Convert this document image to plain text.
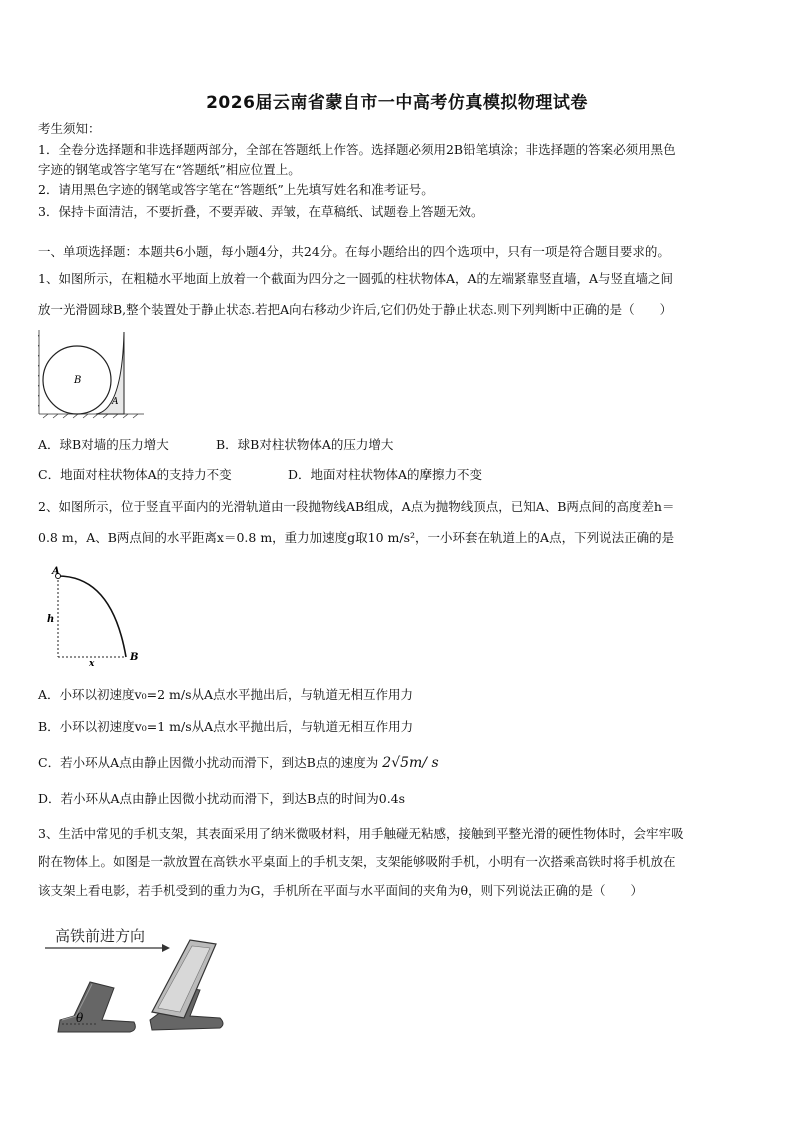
2026届云南省蒙自市一中高考仿真模拟物理试卷
考生须知：
1．全卷分选择题和非选择题两部分，全部在答题纸上作答。选择题必须用2B铅笔填涂；非选择题的答案必须用黑色
字迹的钢笔或答字笔写在“答题纸”相应位置上。
2．请用黑色字迹的钢笔或答字笔在“答题纸”上先填写姓名和准考证号。
3．保持卡面清洁，不要折叠，不要弄破、弄皱，在草稿纸、试题卷上答题无效。
一、单项选择题：本题共6小题，每小题4分，共24分。在每小题给出的四个选项中，只有一项是符合题目要求的。
1、如图所示，在粗糙水平地面上放着一个截面为四分之一圆弧的柱状物体A，A的左端紧靠竖直墙，A与竖直墙之间
放一光滑圆球B,整个装置处于静止状态.若把A向右移动少许后,它们仍处于静止状态.则下列判断中正确的是（　　）
B
A
A．球B对墙的压力增大	B．球B对柱状物体A的压力增大
C．地面对柱状物体A的支持力不变	D．地面对柱状物体A的摩擦力不变
2、如图所示，位于竖直平面内的光滑轨道由一段抛物线AB组成，A点为抛物线顶点，已知A、B两点间的高度差h＝
0.8 m，A、B两点间的水平距离x＝0.8 m，重力加速度g取10 m/s²，一小环套在轨道上的A点，下列说法正确的是
A
B
h
x
A．小环以初速度v₀=2 m/s从A点水平抛出后，与轨道无相互作用力
B．小环以初速度v₀=1 m/s从A点水平抛出后，与轨道无相互作用力
C．若小环从A点由静止因微小扰动而滑下，到达B点的速度为 2√5m/ s
D．若小环从A点由静止因微小扰动而滑下，到达B点的时间为0.4s
3、生活中常见的手机支架，其表面采用了纳米微吸材料，用手触碰无粘感，接触到平整光滑的硬性物体时，会牢牢吸
附在物体上。如图是一款放置在高铁水平桌面上的手机支架，支架能够吸附手机，小明有一次搭乘高铁时将手机放在
该支架上看电影，若手机受到的重力为G，手机所在平面与水平面间的夹角为θ，则下列说法正确的是（　　）
高铁前进方向
θ
